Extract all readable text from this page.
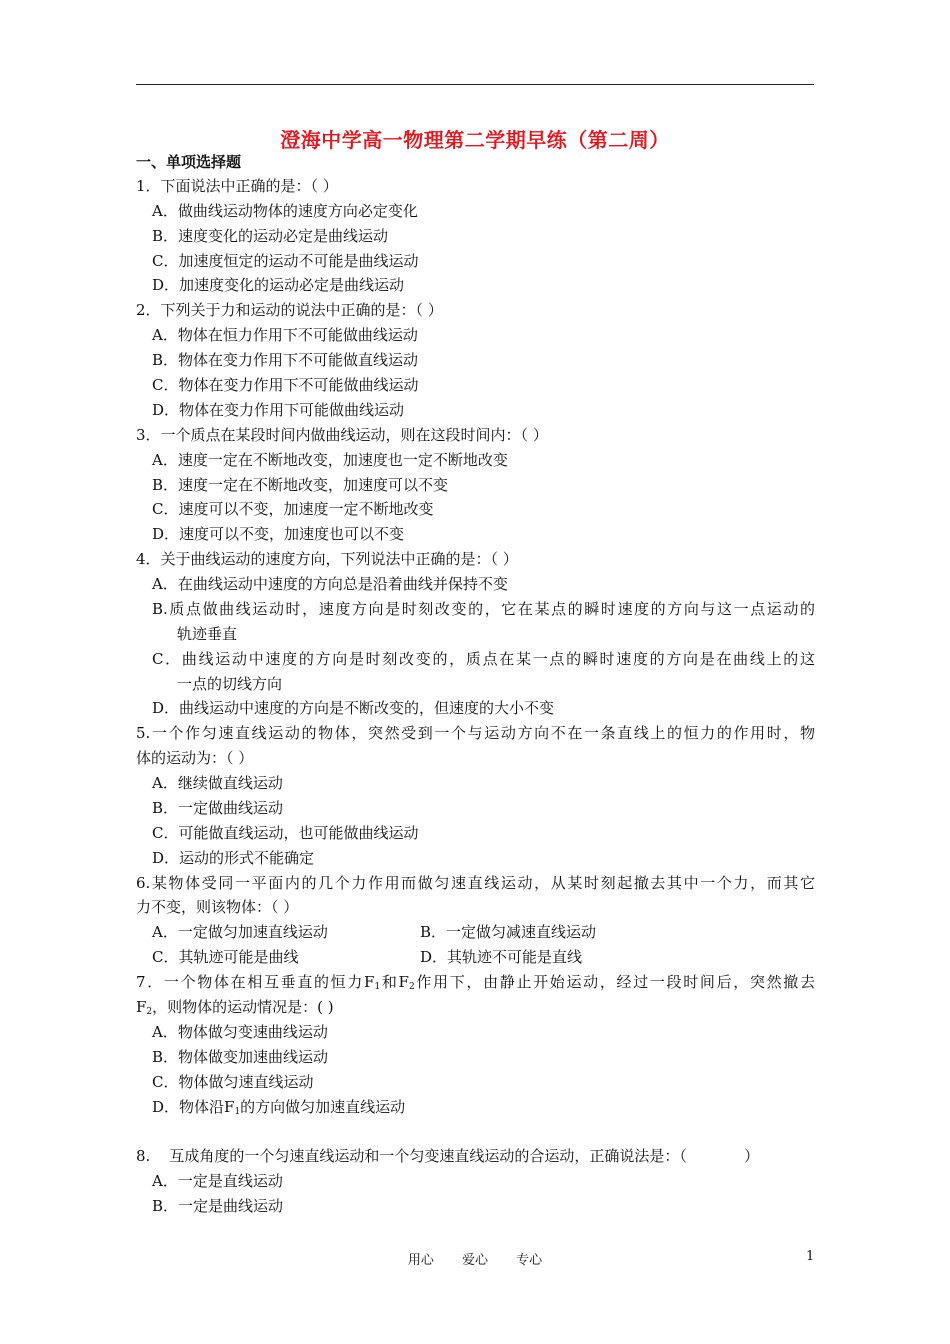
澄海中学高一物理第二学期早练（第二周）
一、单项选择题
1．下面说法中正确的是：（ ）
A．做曲线运动物体的速度方向必定变化
B．速度变化的运动必定是曲线运动
C．加速度恒定的运动不可能是曲线运动
D．加速度变化的运动必定是曲线运动
2．下列关于力和运动的说法中正确的是：（ ）
A．物体在恒力作用下不可能做曲线运动
B．物体在变力作用下不可能做直线运动
C．物体在变力作用下不可能做曲线运动
D．物体在变力作用下可能做曲线运动
3．一个质点在某段时间内做曲线运动，则在这段时间内：（ ）
A．速度一定在不断地改变，加速度也一定不断地改变
B．速度一定在不断地改变，加速度可以不变
C．速度可以不变，加速度一定不断地改变
D．速度可以不变，加速度也可以不变
4．关于曲线运动的速度方向，下列说法中正确的是：（ ）
A．在曲线运动中速度的方向总是沿着曲线并保持不变
B.质点做曲线运动时，速度方向是时刻改变的，它在某点的瞬时速度的方向与这一点运动的
轨迹垂直
C．曲线运动中速度的方向是时刻改变的，质点在某一点的瞬时速度的方向是在曲线上的这
一点的切线方向
D．曲线运动中速度的方向是不断改变的，但速度的大小不变
5.一个作匀速直线运动的物体，突然受到一个与运动方向不在一条直线上的恒力的作用时，物
体的运动为：（ ）
A．继续做直线运动
B．一定做曲线运动
C．可能做直线运动，也可能做曲线运动
D．运动的形式不能确定
6.某物体受同一平面内的几个力作用而做匀速直线运动，从某时刻起撤去其中一个力，而其它
力不变，则该物体：（ ）
A．一定做匀加速直线运动	B．一定做匀减速直线运动
C．其轨迹可能是曲线	D．其轨迹不可能是直线
7．一个物体在相互垂直的恒力$F_1$和$F_2$作用下，由静止开始运动，经过一段时间后，突然撤去
$F_2$，则物体的运动情况是：( )
A．物体做匀变速曲线运动
B．物体做变加速曲线运动
C．物体做匀速直线运动
D．物体沿$F_1$的方向做匀加速直线运动
8.    互成角度的一个匀速直线运动和一个匀变速直线运动的合运动，正确说法是：（            ）
A．一定是直线运动
B．一定是曲线运动
用心 爱心 专心	1
